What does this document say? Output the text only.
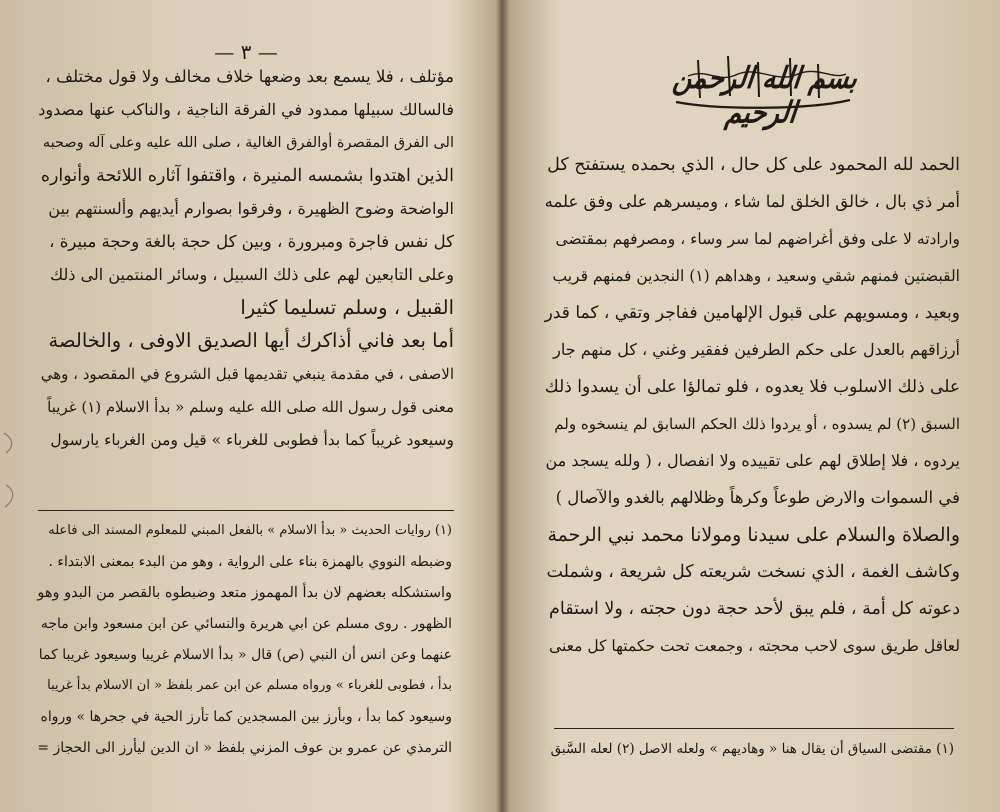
— ٣ —
مؤتلف ، فلا يسمع بعد وضعها خلاف مخالف ولا قول مختلف ،
فالسالك سبيلها ممدود في الفرقة الناجية ، والناكب عنها مصدود
الى الفرق المقصرة أوالفرق الغالية ، صلى الله عليه وعلى آله وصحبه
الذين اهتدوا بشمسه المنيرة ، واقتفوا آثاره اللائحة وأنواره
الواضحة وضوح الظهيرة ، وفرقوا بصوارم أيديهم وألسنتهم بين
كل نفس فاجرة ومبرورة ، وبين كل حجة بالغة وحجة مبيرة ،
وعلى التابعين لهم على ذلك السبيل ، وسائر المنتمين الى ذلك
القبيل ، وسلم تسليما كثيرا
أما بعد فاني أذاكرك أيها الصديق الاوفى ، والخالصة
الاصفى ، في مقدمة ينبغي تقديمها قبل الشروع في المقصود ، وهي
معنى قول رسول الله صلى الله عليه وسلم « بدأ الاسلام (١) غريباً
وسيعود غريباً كما بدأ فطوبى للغرباء » قيل ومن الغرباء يارسول
(١) روايات الحديث « بدأ الاسلام » بالفعل المبني للمعلوم المسند الى فاعله
وضبطه النووي بالهمزة بناء على الرواية ، وهو من البدء بمعنى الابتداء .
واستشكله بعضهم لان بدأ المهموز متعد وضبطوه بالقصر من البدو وهو
الظهور . روى مسلم عن ابي هريرة والنسائي عن ابن مسعود وابن ماجه
عنهما وعن انس أن النبي (ص) قال « بدأ الاسلام غريبا وسيعود غريبا كما
بدأ ، فطوبى للغرباء » ورواه مسلم عن ابن عمر بلفظ « ان الاسلام بدأ غريبا
وسيعود كما بدأ ، وبأرز بين المسجدين كما تأرز الحية في جحرها » ورواه
الترمذي عن عمرو بن عوف المزني بلفظ « ان الدين ليأرز الى الحجاز =
بسم الله الرحمن الرحيم
الحمد لله المحمود على كل حال ، الذي بحمده يستفتح كل
أمر ذي بال ، خالق الخلق لما شاء ، وميسرهم على وفق علمه
وارادته لا على وفق أغراضهم لما سر وساء ، ومصرفهم بمقتضى
القبضتين فمنهم شقي وسعيد ، وهداهم (١) النجدين فمنهم قريب
وبعيد ، ومسويهم على قبول الإلهامين ففاجر وتقي ، كما قدر
أرزاقهم بالعدل على حكم الطرفين ففقير وغني ، كل منهم جار
على ذلك الاسلوب فلا يعدوه ، فلو تمالؤا على أن يسدوا ذلك
السبق (٢) لم يسدوه ، أو يردوا ذلك الحكم السابق لم ينسخوه ولم
يردوه ، فلا إطلاق لهم على تقييده ولا انفصال ، ( ولله يسجد من
في السموات والارض طوعاً وكرهاً وظلالهم بالغدو والآصال )
والصلاة والسلام على سيدنا ومولانا محمد نبي الرحمة
وكاشف الغمة ، الذي نسخت شريعته كل شريعة ، وشملت
دعوته كل أمة ، فلم يبق لأحد حجة دون حجته ، ولا استقام
لعاقل طريق سوى لاحب محجته ، وجمعت تحت حكمتها كل معنى
(١) مقتضى السياق أن يقال هنا « وهاديهم » ولعله الاصل (٢) لعله السَّبق
